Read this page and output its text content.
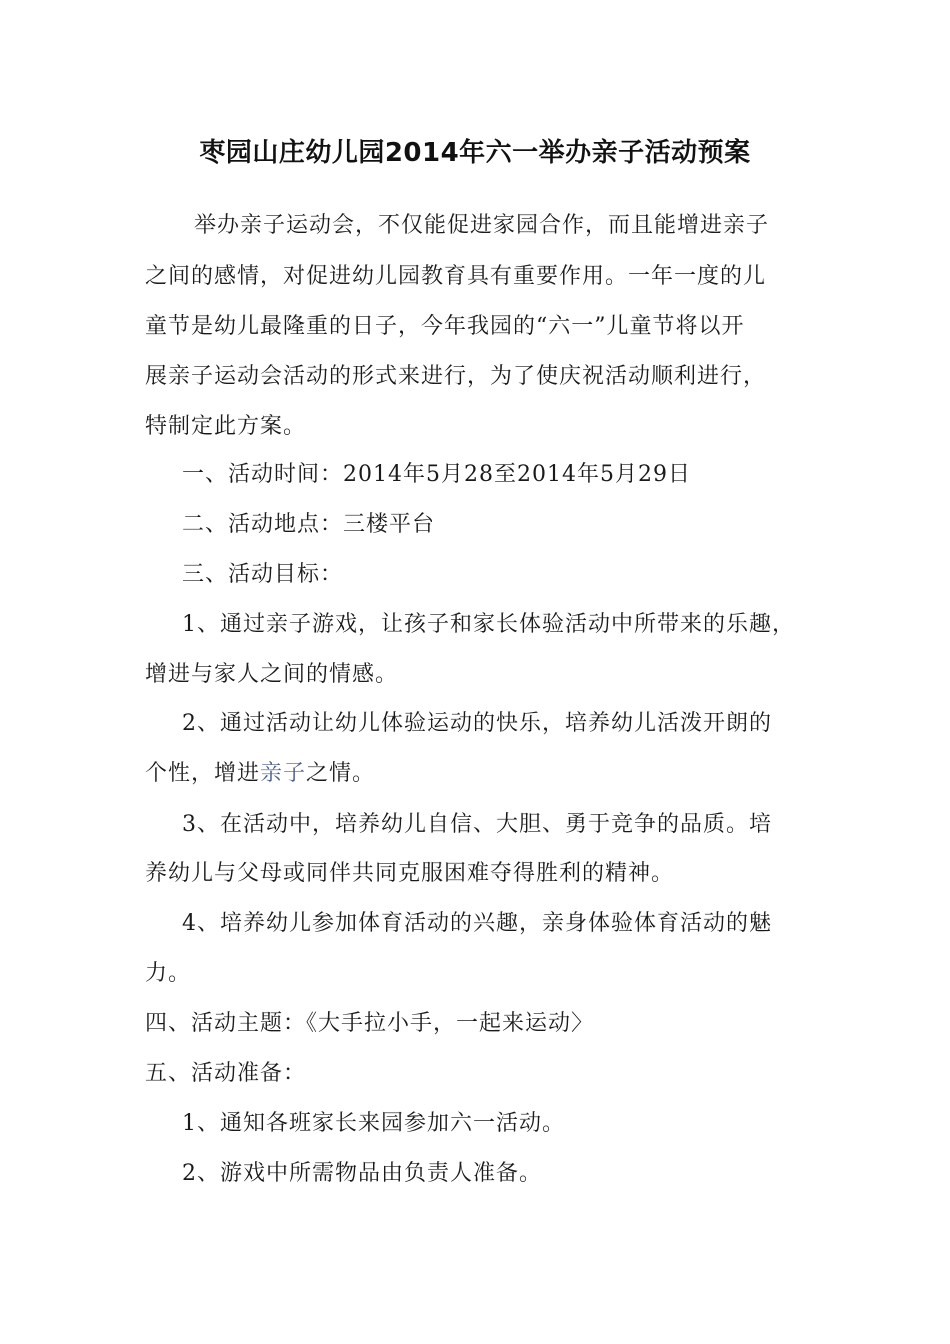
枣园山庄幼儿园2014年六一举办亲子活动预案
举办亲子运动会，不仅能促进家园合作，而且能增进亲子
之间的感情，对促进幼儿园教育具有重要作用。一年一度的儿
童节是幼儿最隆重的日子，今年我园的“六一”儿童节将以开
展亲子运动会活动的形式来进行，为了使庆祝活动顺利进行，
特制定此方案。
一、活动时间：2014年5月28至2014年5月29日
二、活动地点：三楼平台
三、活动目标：
1、通过亲子游戏，让孩子和家长体验活动中所带来的乐趣，
增进与家人之间的情感。
2、通过活动让幼儿体验运动的快乐，培养幼儿活泼开朗的
个性，增进亲子之情。
3、在活动中，培养幼儿自信、大胆、勇于竞争的品质。培
养幼儿与父母或同伴共同克服困难夺得胜利的精神。
4、培养幼儿参加体育活动的兴趣，亲身体验体育活动的魅
力。
四、活动主题：《大手拉小手，一起来运动〉
五、活动准备：
1、通知各班家长来园参加六一活动。
2、游戏中所需物品由负责人准备。
